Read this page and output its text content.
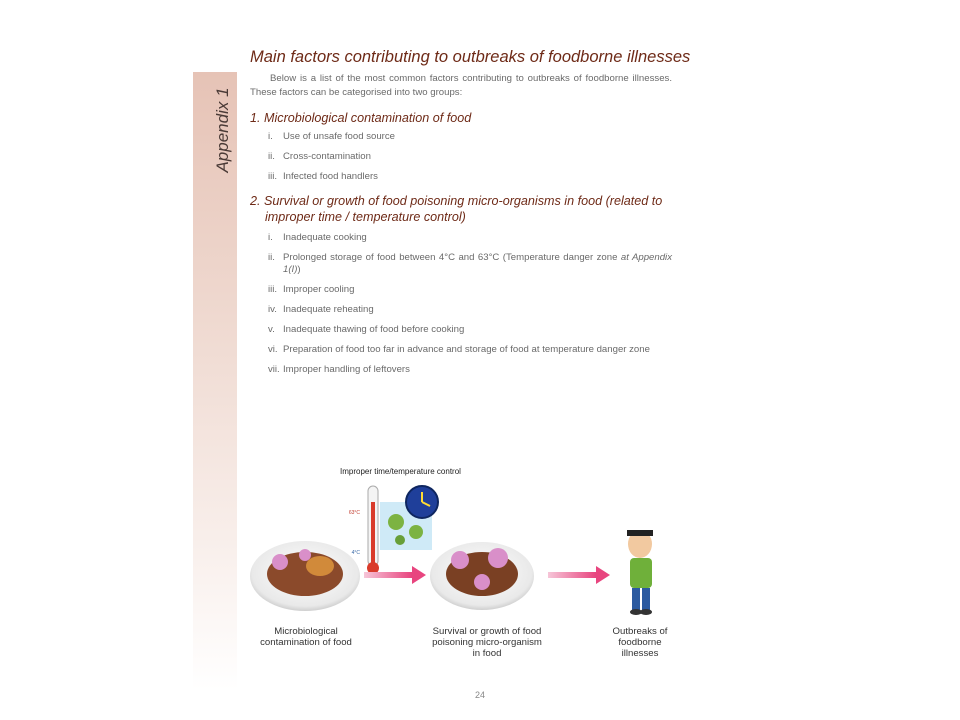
Appendix 1
Main factors contributing to outbreaks of foodborne illnesses

Below is a list of the most common factors contributing to outbreaks of foodborne illnesses. These factors can be categorised into two groups:

1. Microbiological contamination of food
i.	Use of unsafe food source
ii. Cross-contamination
iii. Infected food handlers
2. Survival or growth of food poisoning micro-organisms in food (related to
improper time / temperature control)
i.	Inadequate cooking
ii. Prolonged storage of food between 4°C and 63°C (Temperature danger zone at Appendix 1(I))
iii. Improper cooling
iv. Inadequate reheating
v. Inadequate thawing of food before cooking
vi. Preparation of food too far in advance and storage of food at temperature danger zone
vii. Improper handling of leftovers
Improper time/temperature control
63°C
4°C
Microbiological contamination of food
Survival or growth of food poisoning micro-organism in food
Outbreaks of foodborne illnesses
24
